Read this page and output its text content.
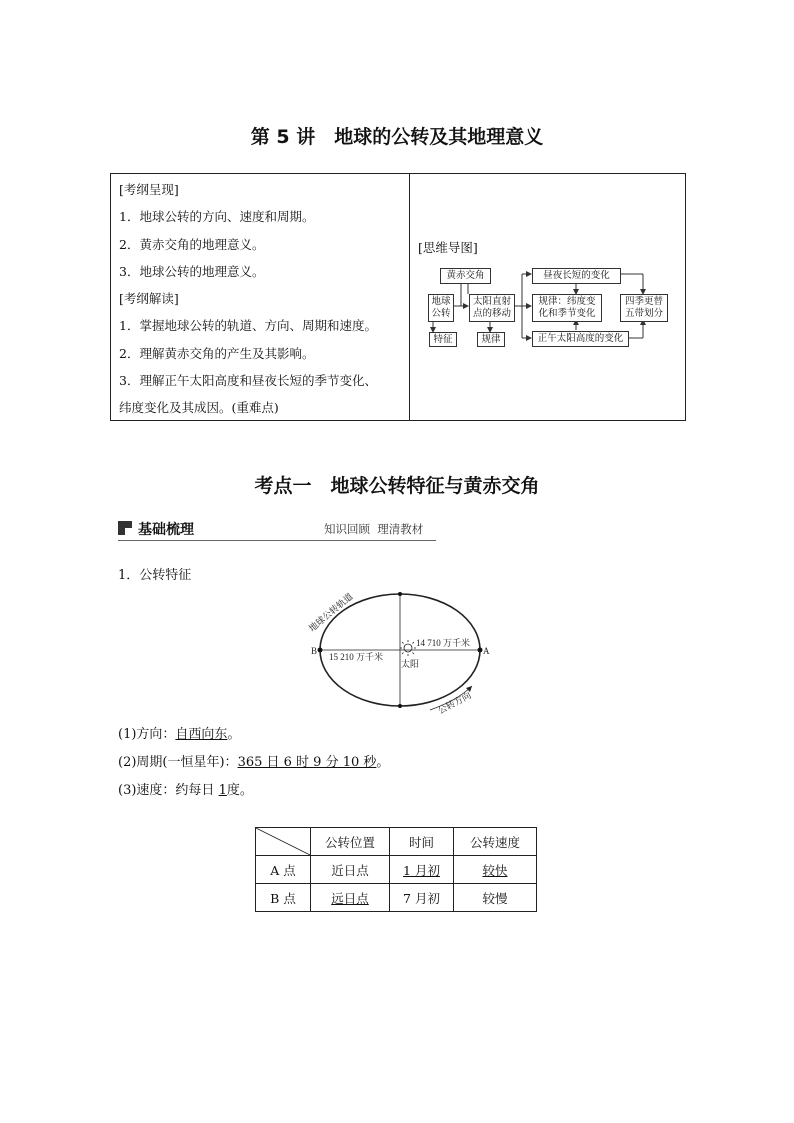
第 5 讲　地球的公转及其地理意义
[考纲呈现]
1．地球公转的方向、速度和周期。
2．黄赤交角的地理意义。
3．地球公转的地理意义。
[考纲解读]
1．掌握地球公转的轨道、方向、周期和速度。
2．理解黄赤交角的产生及其影响。
3．理解正午太阳高度和昼夜长短的季节变化、
纬度变化及其成因。(重难点)
[思维导图]
黄赤交角
地球
公转
太阳直射
点的移动
特征	规律
昼夜长短的变化
规律：纬度变
化和季节变化
正午太阳高度的变化
四季更替
五带划分
考点一　地球公转特征与黄赤交角
基础梳理	知识回顾  理清教材
1．公转特征
地球公转轨道
公转方向
太阳
15 210 万千米
14 710 万千米
B	A
(1)方向：自西向东。
(2)周期(一恒星年)：365 日 6 时 9 分 10 秒。
(3)速度：约每日 1度。
	公转位置	时间	公转速度
A 点	近日点	1 月初	较快
B 点	远日点	7 月初	较慢
